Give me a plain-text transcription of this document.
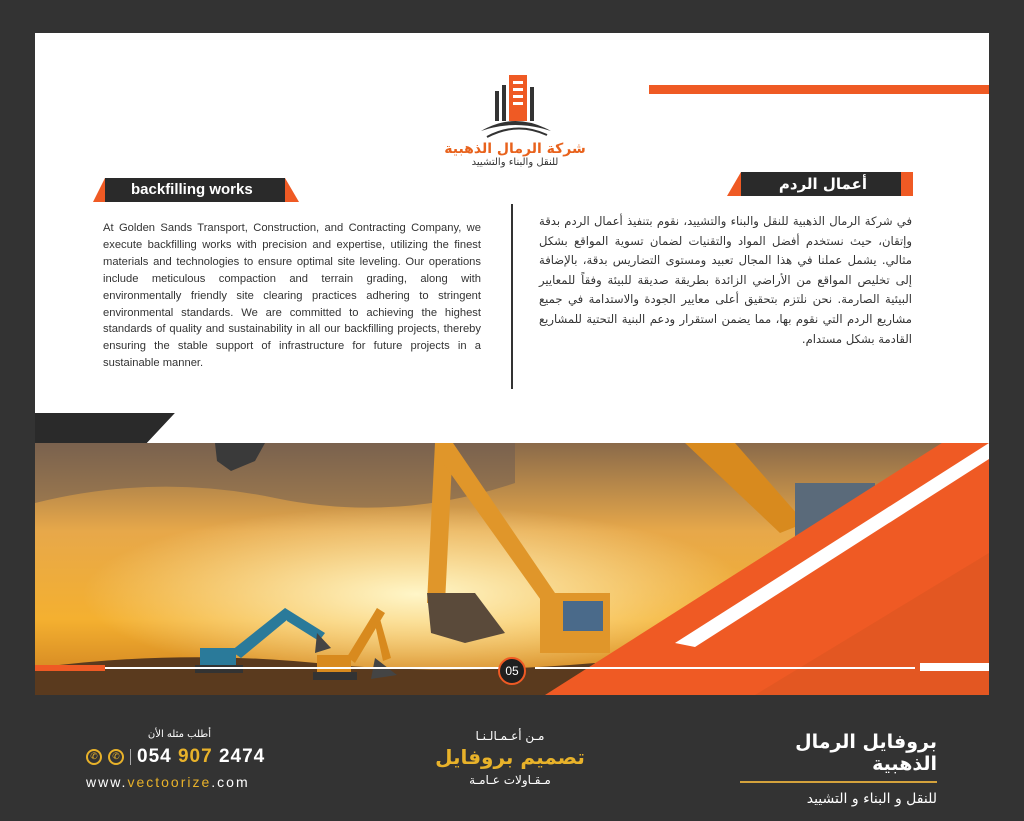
شركة الرمال الذهبية
للنقل والبناء والتشييد
backfilling works	أعمال الردم

At Golden Sands Transport, Construction, and Contracting Company, we execute backfilling works with precision and expertise, utilizing the finest materials and technologies to ensure optimal site leveling. Our operations include meticulous compaction and terrain grading, along with environmentally friendly site clearing practices adhering to stringent environmental standards. We are committed to achieving the highest standards of quality and sustainability in all our backfilling projects, thereby ensuring the stable support of infrastructure for future projects in a sustainable manner.

في شركة الرمال الذهبية للنقل والبناء والتشييد، نقوم بتنفيذ أعمال الردم بدقة وإتقان، حيث نستخدم أفضل المواد والتقنيات لضمان تسوية المواقع بشكل مثالي. يشمل عملنا في هذا المجال تعبيد ومستوى التضاريس بدقة، بالإضافة إلى تخليص المواقع من الأراضي الزائدة بطريقة صديقة للبيئة وفقاً للمعايير البيئية الصارمة. نحن نلتزم بتحقيق أعلى معايير الجودة والاستدامة في جميع مشاريع الردم التي نقوم بها، مما يضمن استقرار ودعم البنية التحتية للمشاريع القادمة بشكل مستدام.

05
أطلب مثله الأن
✆	✆ 054 907 2474
www.vectoorize.com
مـن أعـمـالـنـا
تصميم بروفايل
مـقـاولات عـامـة
بروفايل الرمال الذهبية
للنقل و البناء و التشييد
